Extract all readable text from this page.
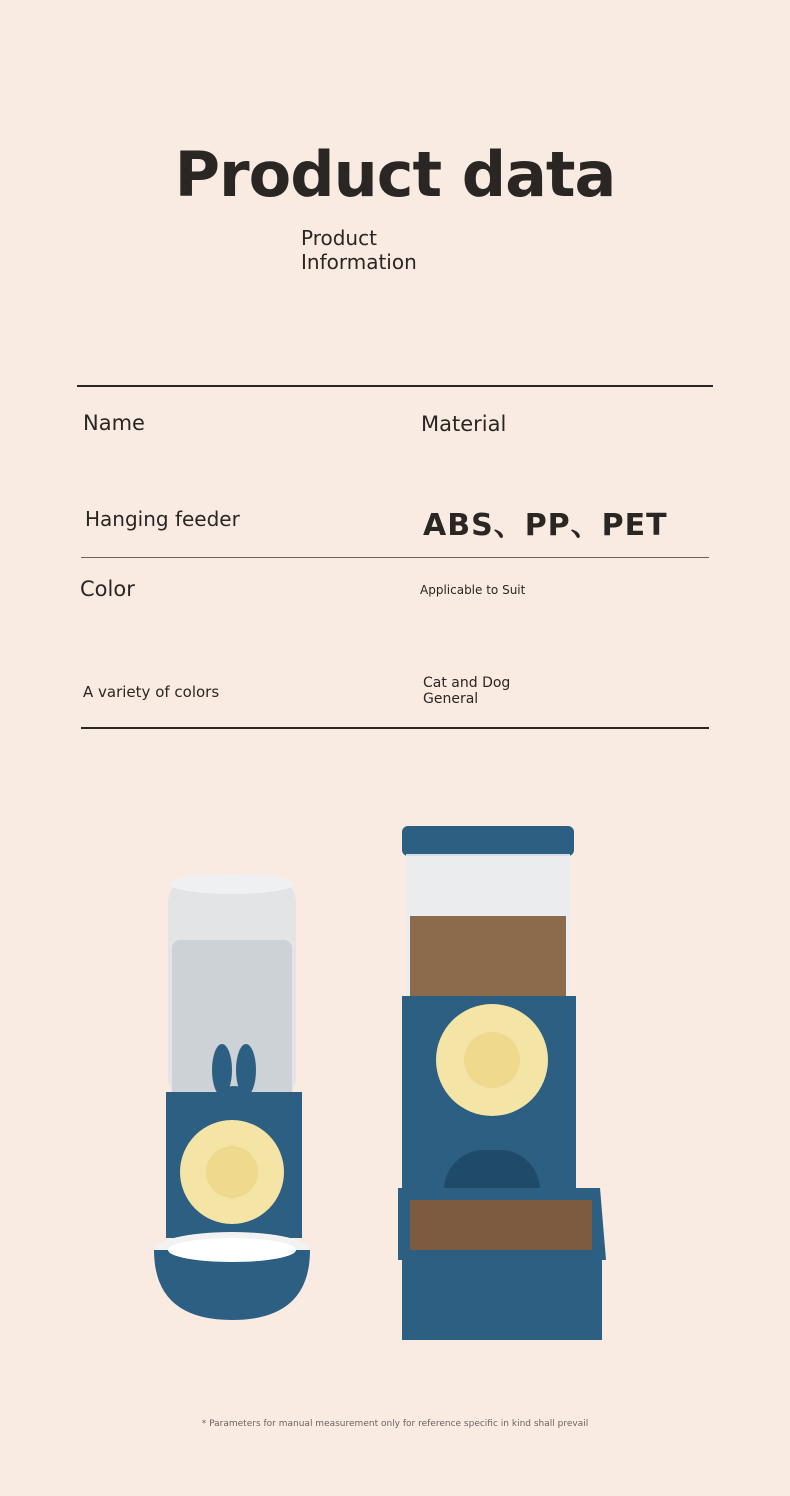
Product data
Product Information
Name	Material
Hanging feeder	ABS、PP、PET
Color	Applicable to Suit
A variety of colors	Cat and Dog General
* Parameters for manual measurement only for reference specific in kind shall prevail
